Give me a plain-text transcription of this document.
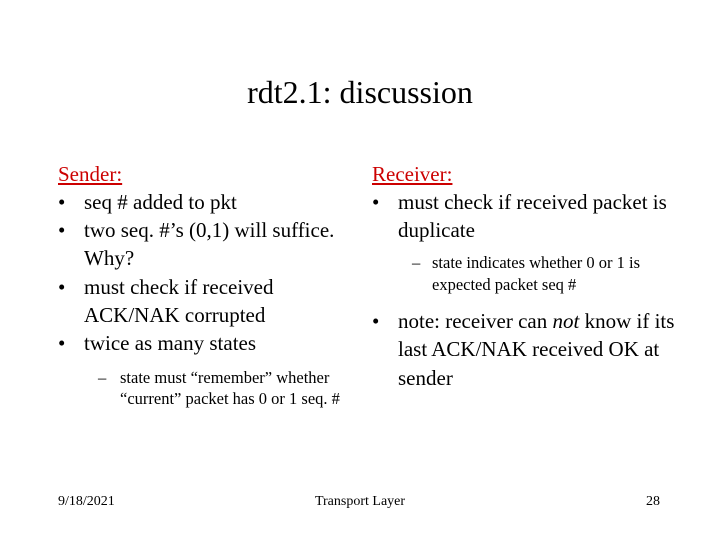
rdt2.1: discussion
Sender:
• seq # added to pkt
• two seq. #’s (0,1) will suffice. Why?
• must check if received ACK/NAK corrupted
• twice as many states
– state must “remember” whether “current” packet has 0 or 1 seq. #
Receiver:
• must check if received packet is duplicate
– state indicates whether 0 or 1 is expected packet seq #
• note: receiver can not know if its last ACK/NAK received OK at sender
9/18/2021	Transport Layer	28
